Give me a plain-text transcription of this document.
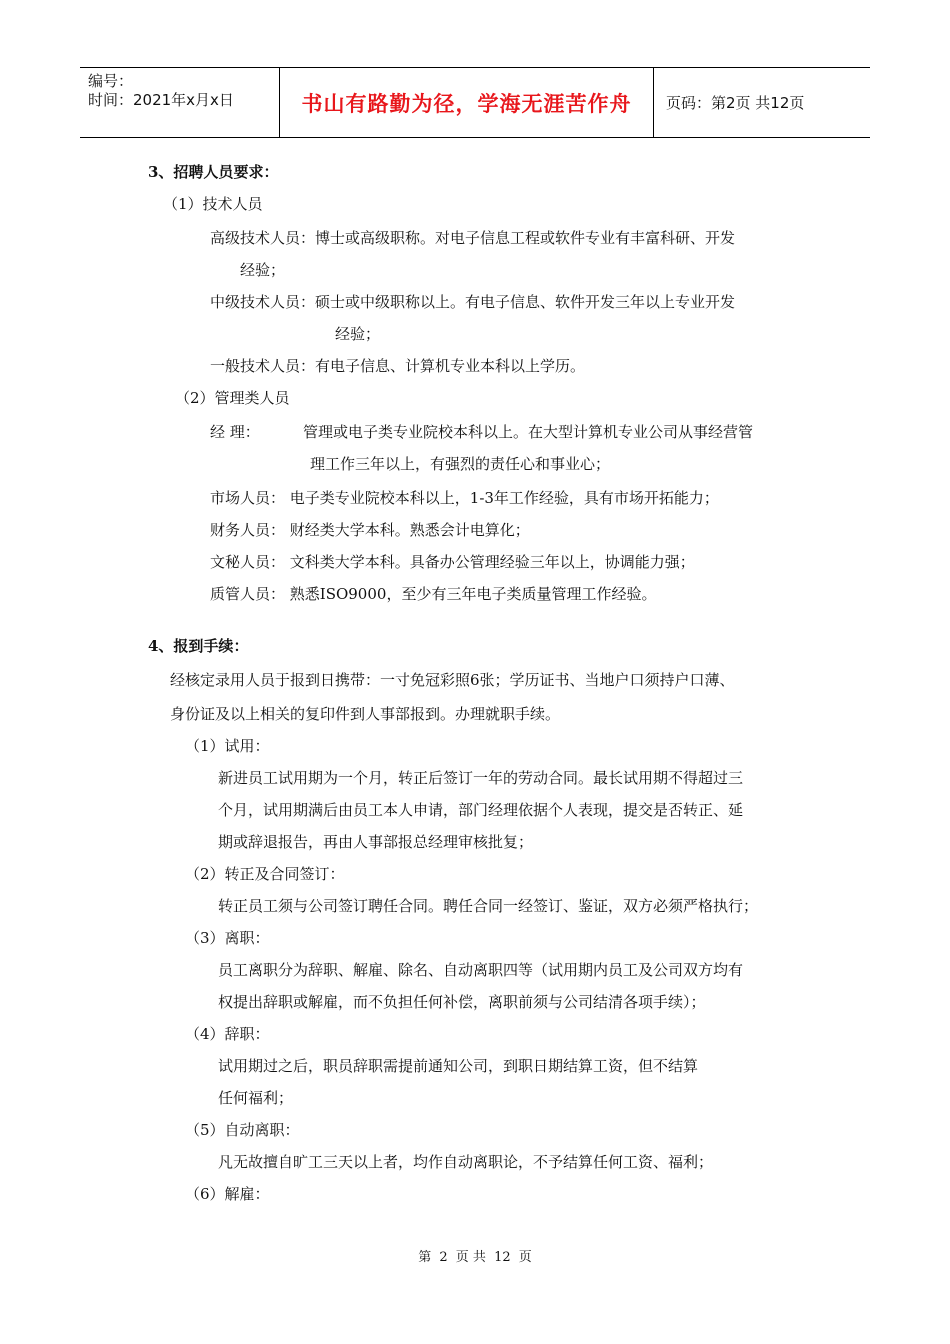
编号：
时间：2021年x月x日	书山有路勤为径，学海无涯苦作舟	页码：第2页 共12页
3、招聘人员要求：
（1）技术人员
高级技术人员：博士或高级职称。对电子信息工程或软件专业有丰富科研、开发
经验；
中级技术人员：硕士或中级职称以上。有电子信息、软件开发三年以上专业开发
经验；
一般技术人员：有电子信息、计算机专业本科以上学历。
（2）管理类人员
经 理：	管理或电子类专业院校本科以上。在大型计算机专业公司从事经营管
理工作三年以上，有强烈的责任心和事业心；
市场人员： 电子类专业院校本科以上，1-3年工作经验，具有市场开拓能力；
财务人员： 财经类大学本科。熟悉会计电算化；
文秘人员： 文科类大学本科。具备办公管理经验三年以上，协调能力强；
质管人员： 熟悉ISO9000，至少有三年电子类质量管理工作经验。
4、报到手续：
经核定录用人员于报到日携带：一寸免冠彩照6张；学历证书、当地户口须持户口薄、
身份证及以上相关的复印件到人事部报到。办理就职手续。
（1）试用：
新进员工试用期为一个月，转正后签订一年的劳动合同。最长试用期不得超过三
个月，试用期满后由员工本人申请，部门经理依据个人表现，提交是否转正、延
期或辞退报告，再由人事部报总经理审核批复；
（2）转正及合同签订：
转正员工须与公司签订聘任合同。聘任合同一经签订、鉴证，双方必须严格执行；
（3）离职：
员工离职分为辞职、解雇、除名、自动离职四等（试用期内员工及公司双方均有
权提出辞职或解雇，而不负担任何补偿，离职前须与公司结清各项手续）；
（4）辞职：
试用期过之后，职员辞职需提前通知公司，到职日期结算工资，但不结算
任何福利；
（5）自动离职：
凡无故擅自旷工三天以上者，均作自动离职论，不予结算任何工资、福利；
（6）解雇：
第 2 页 共 12 页
